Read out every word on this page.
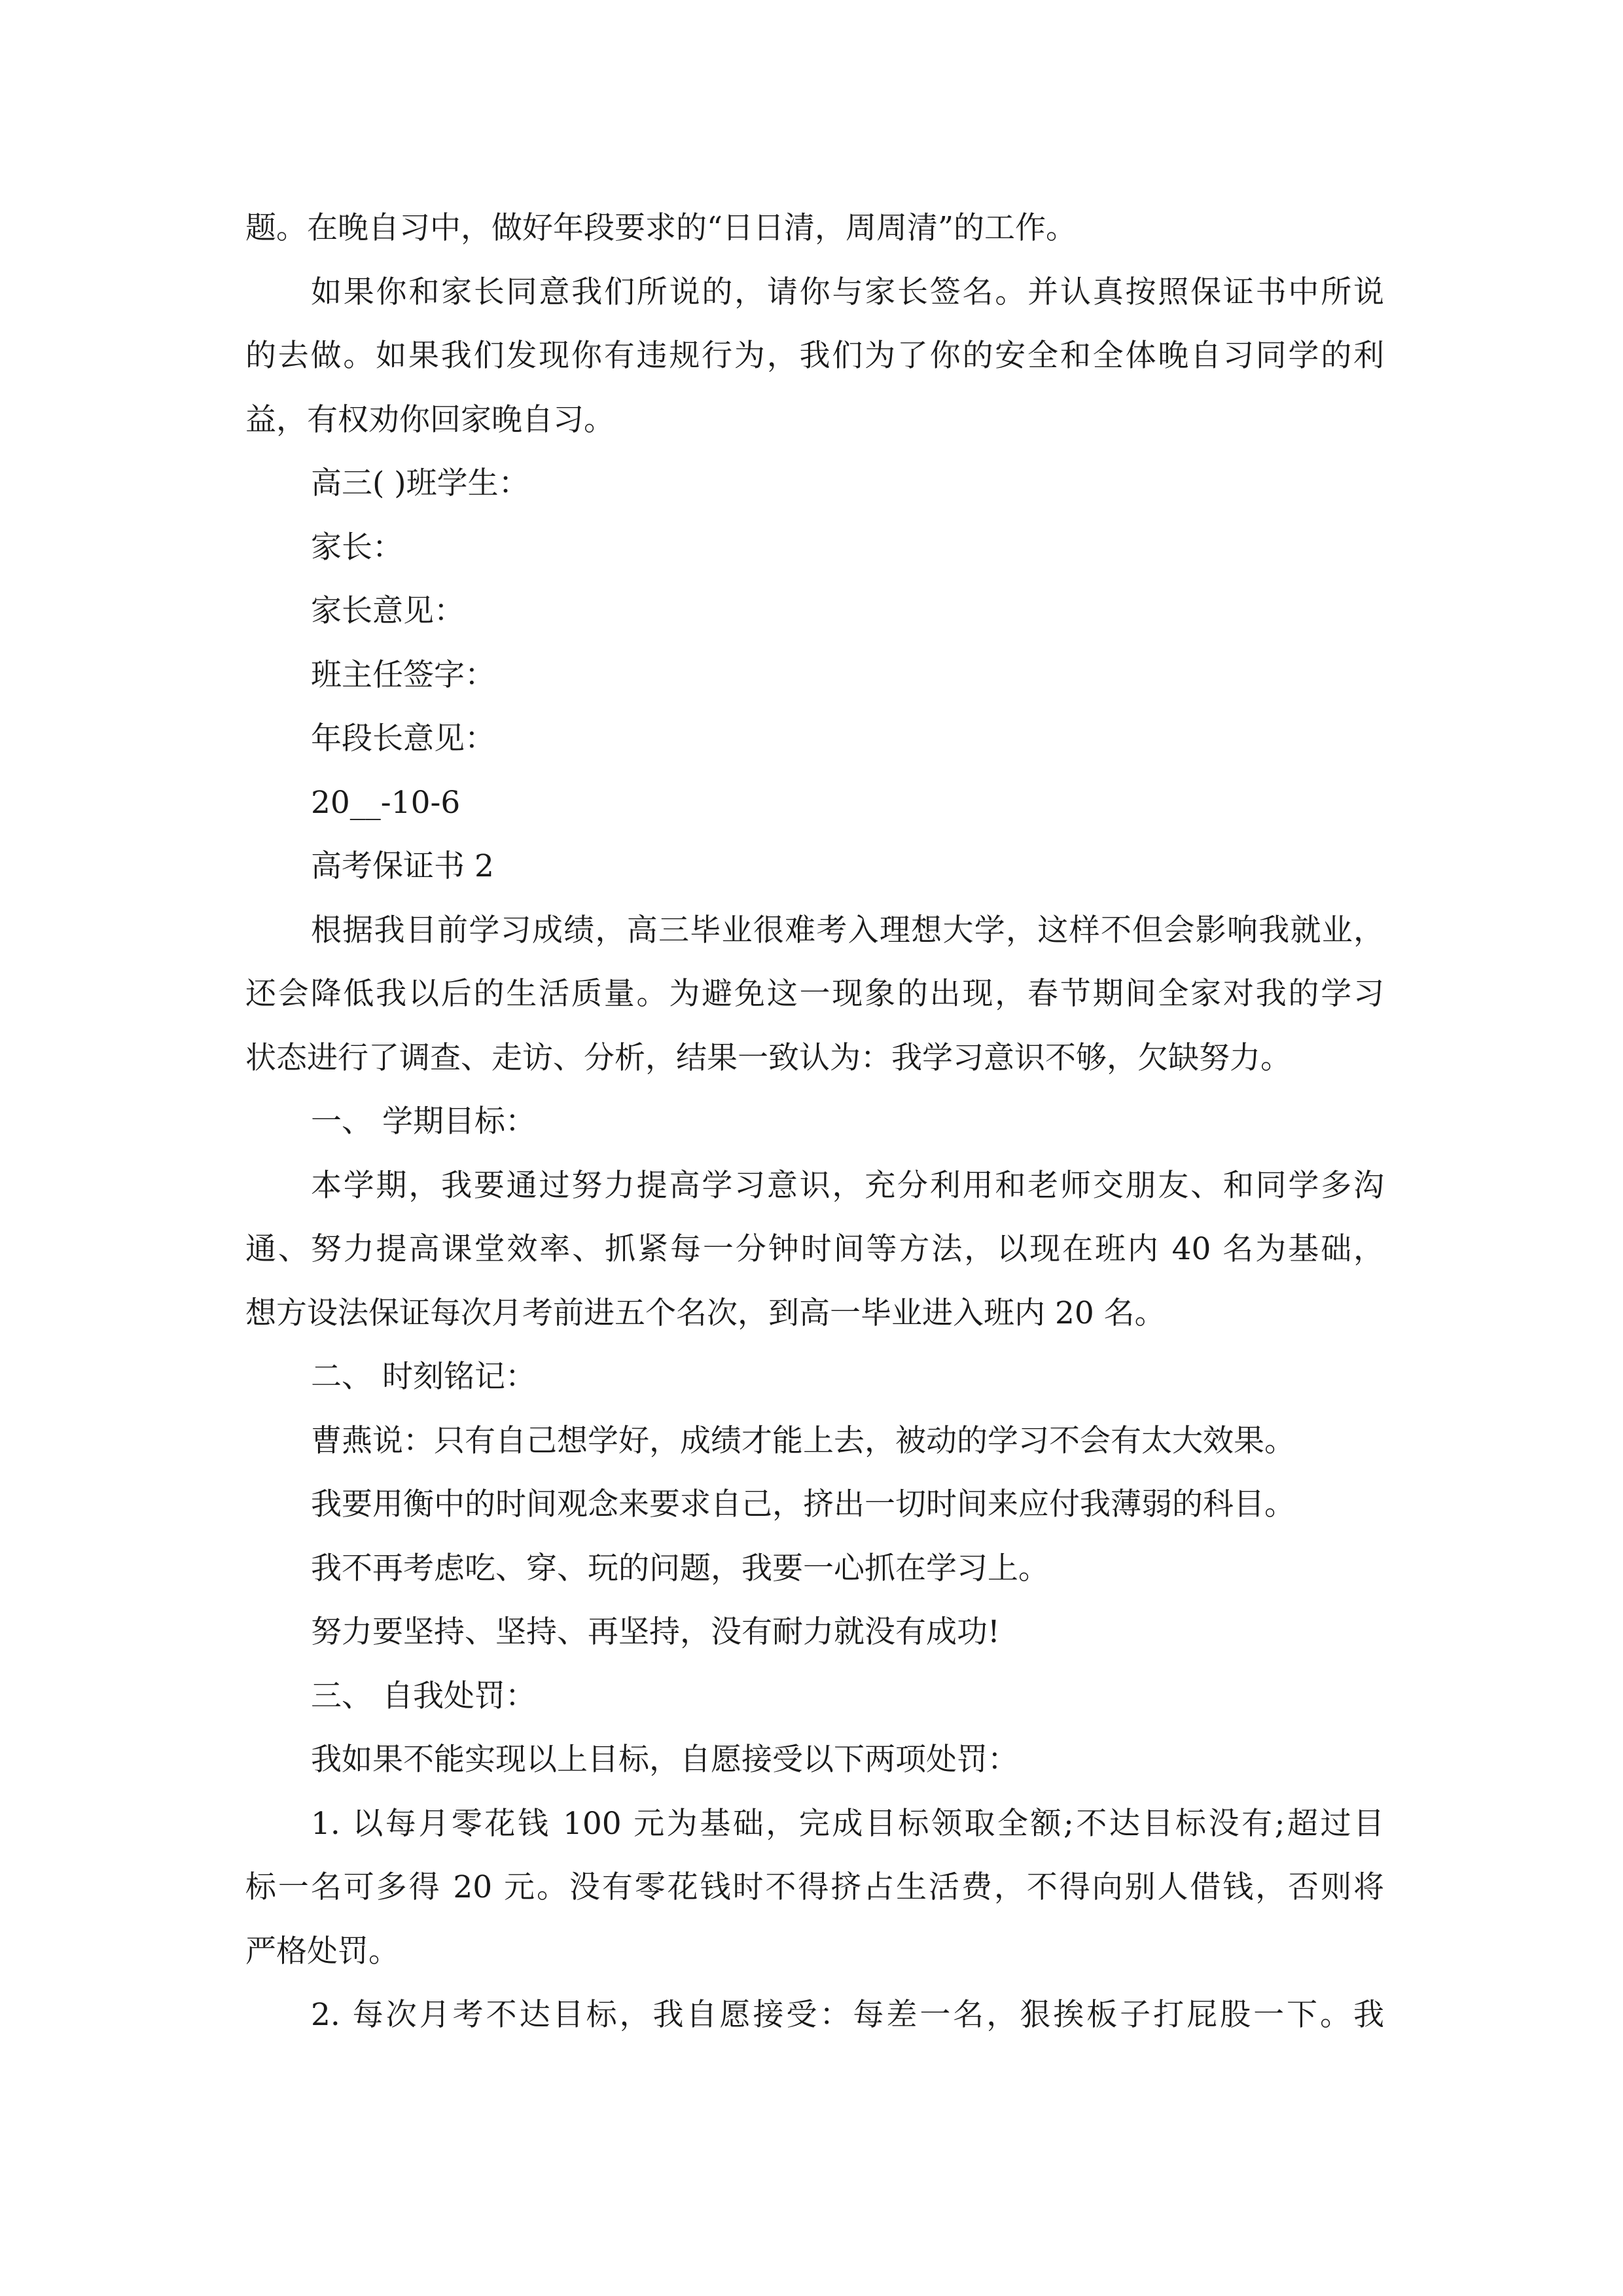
题。在晚自习中，做好年段要求的“日日清，周周清”的工作。
如果你和家长同意我们所说的，请你与家长签名。并认真按照保证书中所说
的去做。如果我们发现你有违规行为，我们为了你的安全和全体晚自习同学的利
益，有权劝你回家晚自习。
高三( )班学生：
家长：
家长意见：
班主任签字：
年段长意见：
20__-10-6
高考保证书 2
根据我目前学习成绩，高三毕业很难考入理想大学，这样不但会影响我就业，
还会降低我以后的生活质量。为避免这一现象的出现，春节期间全家对我的学习
状态进行了调查、走访、分析，结果一致认为：我学习意识不够，欠缺努力。
一、 学期目标：
本学期，我要通过努力提高学习意识，充分利用和老师交朋友、和同学多沟
通、努力提高课堂效率、抓紧每一分钟时间等方法，以现在班内 40 名为基础，
想方设法保证每次月考前进五个名次，到高一毕业进入班内 20 名。
二、 时刻铭记：
曹燕说：只有自己想学好，成绩才能上去，被动的学习不会有太大效果。
我要用衡中的时间观念来要求自己，挤出一切时间来应付我薄弱的科目。
我不再考虑吃、穿、玩的问题，我要一心抓在学习上。
努力要坚持、坚持、再坚持，没有耐力就没有成功!
三、 自我处罚：
我如果不能实现以上目标，自愿接受以下两项处罚：
1. 以每月零花钱 100 元为基础，完成目标领取全额;不达目标没有;超过目
标一名可多得 20 元。没有零花钱时不得挤占生活费，不得向别人借钱，否则将
严格处罚。
2. 每次月考不达目标，我自愿接受：每差一名，狠挨板子打屁股一下。我
